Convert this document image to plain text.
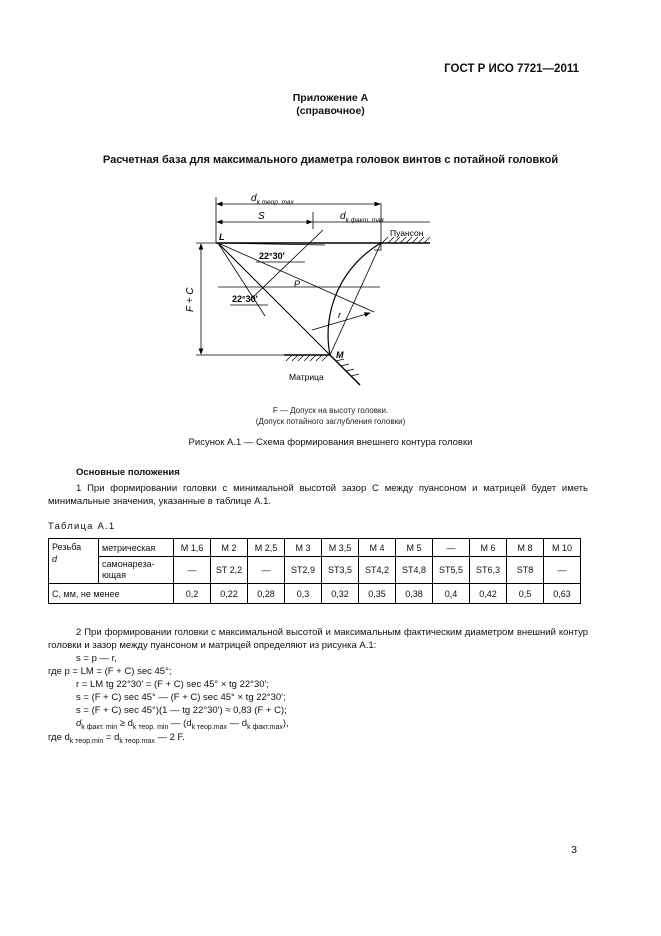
ГОСТ Р ИСО 7721—2011
Приложение А
(справочное)
Расчетная база для максимального диаметра головок винтов с потайной головкой
$d_{k теор. max}$
S	$d_{k факт. max}$
Пуансон
L
22°30'
22°30'
P
r
F + C
M
Матрица
F — Допуск на высоту головки.
(Допуск потайного заглубления головки)
Рисунок А.1 — Схема формирования внешнего контура головки
Основные положения
1 При формировании головки с минимальной высотой зазор C между пуансоном и матрицей будет иметь минимальные значения, указанные в таблице А.1.
Таблица А.1
Резьба
d	метрическая	М 1,6	М 2	М 2,5	М 3	М 3,5	М 4	М 5	—	М 6	М 8	М 10
	самонареза-
ющая	—	ST 2,2	—	ST2,9	ST3,5	ST4,2	ST4,8	ST5,5	ST6,3	ST8	—
С, мм, не менее		0,2	0,22	0,28	0,3	0,32	0,35	0,38	0,4	0,42	0,5	0,63
2 При формировании головки с максимальной высотой и максимальным фактическим диаметром внешний контур головки и зазор между пуансоном и матрицей определяют из рисунка А.1:
s = p — r,
где p = LM = (F + C) sec 45°;
r = LM tg 22°30' = (F + C) sec 45° × tg 22°30';
s = (F + C) sec 45° — (F + C) sec 45° × tg 22°30';
s = (F + C) sec 45°)(1 — tg 22°30') ≈ 0,83 (F + C);
$d_{k факт. min} \ge d_{k теор. min}$ — ($d_{k теор.max}$ — $d_{k факт.max}$),
где $d_{k теор.min} = d_{k теор.max}$ — 2 F.
3
